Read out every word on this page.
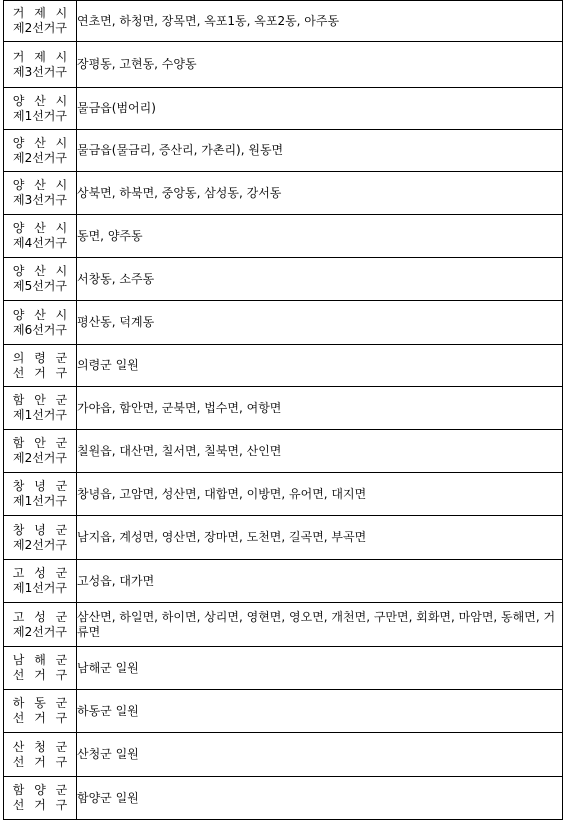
거 제 시
제2선거구	연초면, 하청면, 장목면, 옥포1동, 옥포2동, 아주동

거 제 시
제3선거구	장평동, 고현동, 수양동

양 산 시
제1선거구	물금읍(범어리)

양 산 시
제2선거구	물금읍(물금리, 증산리, 가촌리), 원동면

양 산 시
제3선거구	상북면, 하북면, 중앙동, 삼성동, 강서동

양 산 시
제4선거구	동면, 양주동

양 산 시
제5선거구	서창동, 소주동

양 산 시
제6선거구	평산동, 덕계동

의 령 군
선 거 구	의령군 일원

함 안 군
제1선거구	가야읍, 함안면, 군북면, 법수면, 여항면

함 안 군
제2선거구	칠원읍, 대산면, 칠서면, 칠북면, 산인면

창 녕 군
제1선거구	창녕읍, 고암면, 성산면, 대합면, 이방면, 유어면, 대지면

창 녕 군
제2선거구	남지읍, 계성면, 영산면, 장마면, 도천면, 길곡면, 부곡면

고 성 군
제1선거구	고성읍, 대가면

고 성 군
제2선거구	삼산면, 하일면, 하이면, 상리면, 영현면, 영오면, 개천면, 구만면, 회화면, 마암면, 동해면, 거류면

남 해 군
선 거 구	남해군 일원

하 동 군
선 거 구	하동군 일원

산 청 군
선 거 구	산청군 일원

함 양 군
선 거 구	함양군 일원
